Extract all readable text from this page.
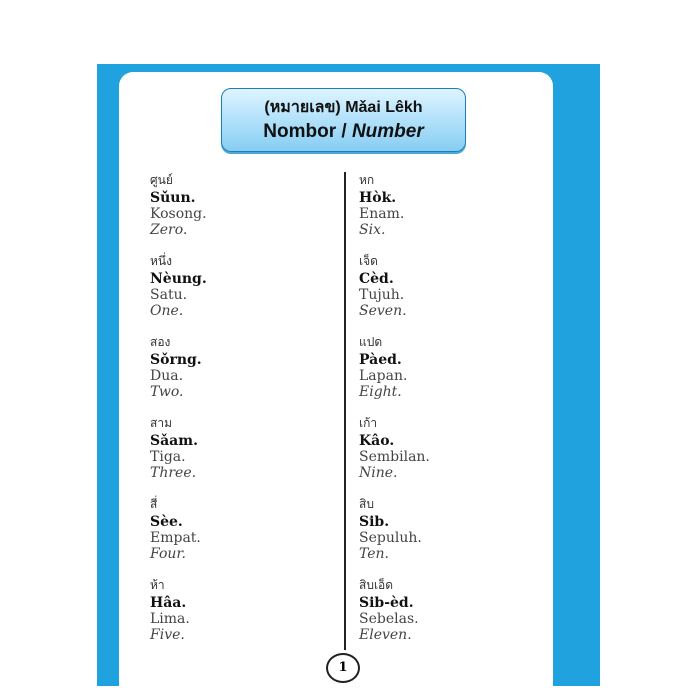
(หมายเลข) Mǎai Lêkh
Nombor / Number
ศูนย์
Sǔun.
Kosong.
Zero.
หนึ่ง
Nèung.
Satu.
One.
สอง
Sǒrng.
Dua.
Two.
สาม
Sǎam.
Tiga.
Three.
สี่
Sèe.
Empat.
Four.
ห้า
Hâa.
Lima.
Five.
หก
Hòk.
Enam.
Six.
เจ็ด
Cèd.
Tujuh.
Seven.
แปด
Pàed.
Lapan.
Eight.
เก้า
Kâo.
Sembilan.
Nine.
สิบ
Sib.
Sepuluh.
Ten.
สิบเอ็ด
Sib-èd.
Sebelas.
Eleven.
1
